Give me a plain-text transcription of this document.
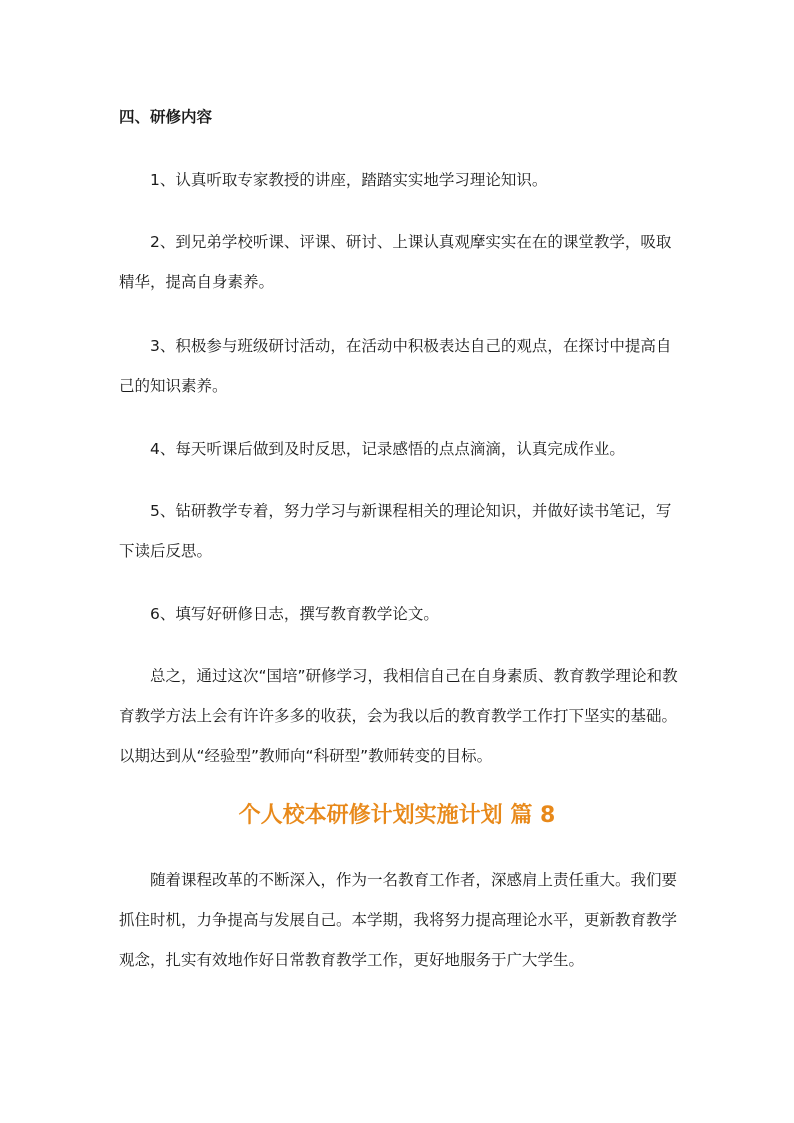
四、研修内容

　　1、认真听取专家教授的讲座，踏踏实实地学习理论知识。

　　2、到兄弟学校听课、评课、研讨、上课认真观摩实实在在的课堂教学，吸取精华，提高自身素养。

　　3、积极参与班级研讨活动，在活动中积极表达自己的观点，在探讨中提高自己的知识素养。

　　4、每天听课后做到及时反思，记录感悟的点点滴滴，认真完成作业。

　　5、钻研教学专着，努力学习与新课程相关的理论知识，并做好读书笔记，写下读后反思。

　　6、填写好研修日志，撰写教育教学论文。

　　总之，通过这次“国培”研修学习，我相信自己在自身素质、教育教学理论和教育教学方法上会有许许多多的收获，会为我以后的教育教学工作打下坚实的基础。以期达到从“经验型”教师向“科研型”教师转变的目标。

个人校本研修计划实施计划 篇 8

　　随着课程改革的不断深入，作为一名教育工作者，深感肩上责任重大。我们要抓住时机，力争提高与发展自己。本学期，我将努力提高理论水平，更新教育教学观念，扎实有效地作好日常教育教学工作，更好地服务于广大学生。
